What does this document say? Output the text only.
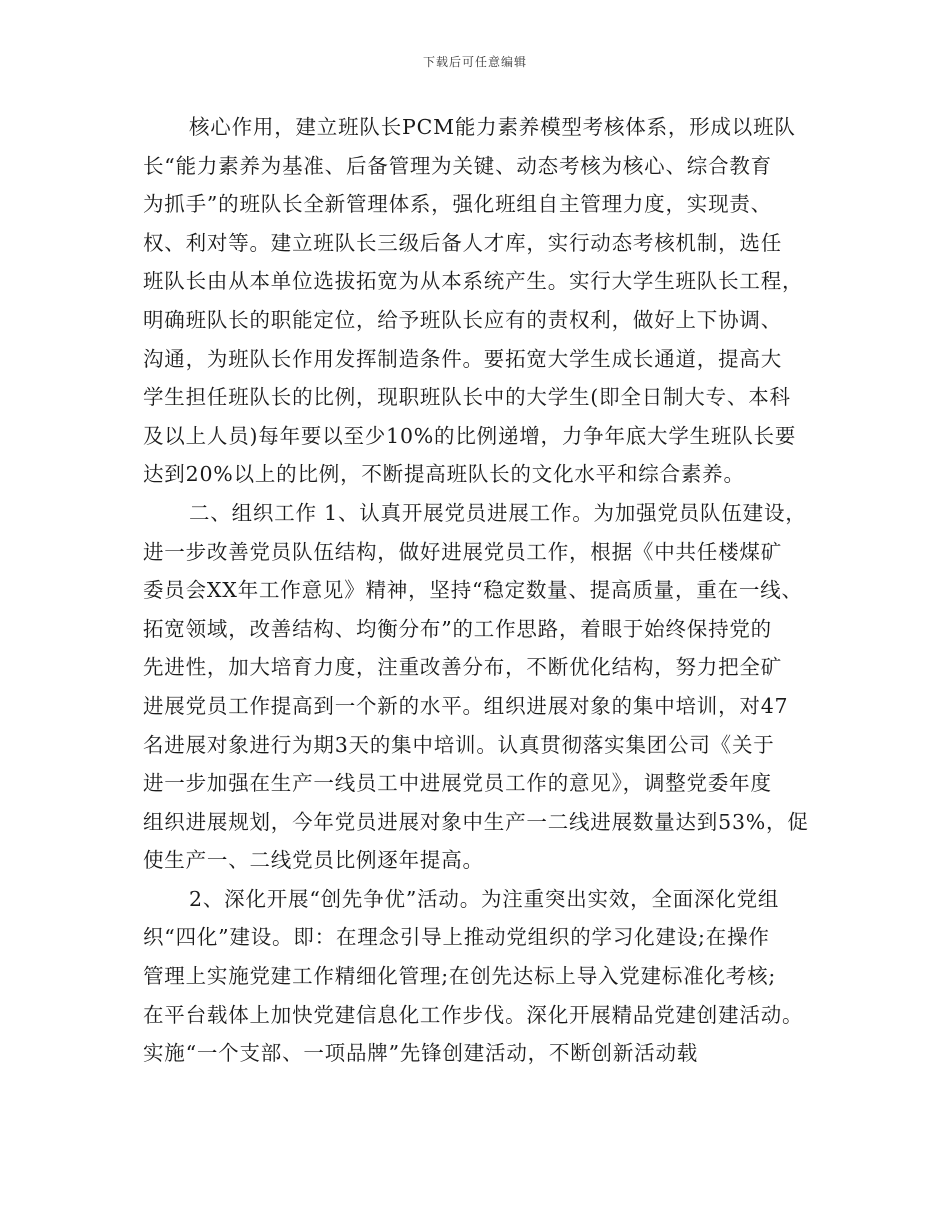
下载后可任意编辑
核心作用，建立班队长PCM能力素养模型考核体系，形成以班队
长“能力素养为基准、后备管理为关键、动态考核为核心、综合教育
为抓手”的班队长全新管理体系，强化班组自主管理力度，实现责、
权、利对等。建立班队长三级后备人才库，实行动态考核机制，选任
班队长由从本单位选拔拓宽为从本系统产生。实行大学生班队长工程，
明确班队长的职能定位，给予班队长应有的责权利，做好上下协调、
沟通，为班队长作用发挥制造条件。要拓宽大学生成长通道，提高大
学生担任班队长的比例，现职班队长中的大学生(即全日制大专、本科
及以上人员)每年要以至少10%的比例递增，力争年底大学生班队长要
达到20%以上的比例，不断提高班队长的文化水平和综合素养。
二、组织工作 1、认真开展党员进展工作。为加强党员队伍建设，
进一步改善党员队伍结构，做好进展党员工作，根据《中共任楼煤矿
委员会XX年工作意见》精神，坚持“稳定数量、提高质量，重在一线、
拓宽领域，改善结构、均衡分布”的工作思路，着眼于始终保持党的
先进性，加大培育力度，注重改善分布，不断优化结构，努力把全矿
进展党员工作提高到一个新的水平。组织进展对象的集中培训，对47
名进展对象进行为期3天的集中培训。认真贯彻落实集团公司《关于
进一步加强在生产一线员工中进展党员工作的意见》，调整党委年度
组织进展规划，今年党员进展对象中生产一二线进展数量达到53%，促
使生产一、二线党员比例逐年提高。
2、深化开展“创先争优”活动。为注重突出实效，全面深化党组
织“四化”建设。即：在理念引导上推动党组织的学习化建设;在操作
管理上实施党建工作精细化管理;在创先达标上导入党建标准化考核;
在平台载体上加快党建信息化工作步伐。深化开展精品党建创建活动。
实施“一个支部、一项品牌”先锋创建活动，不断创新活动载
